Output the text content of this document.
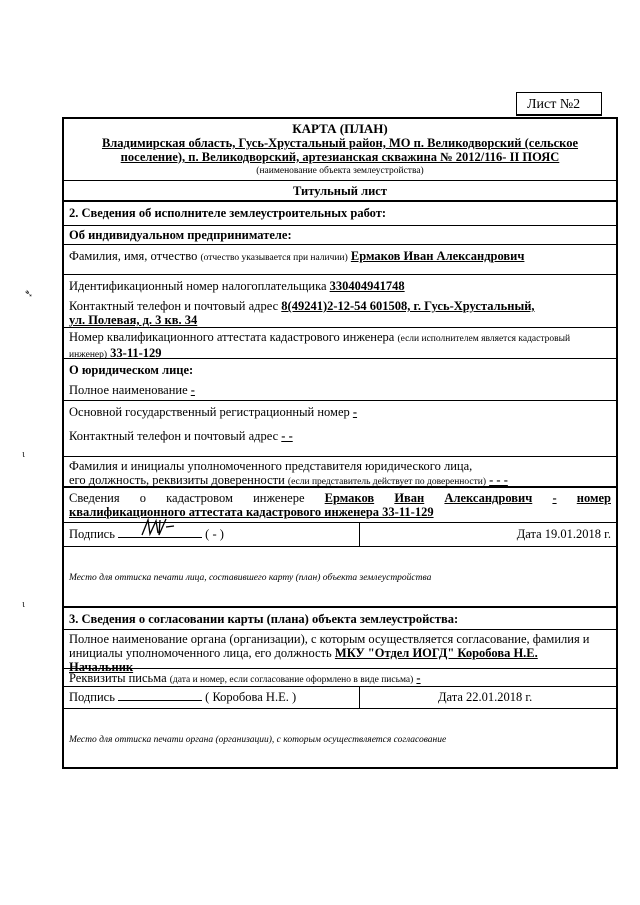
➴
ɩ
ɩ
Лист №2
КАРТА (ПЛАН)
Владимирская область, Гусь-Хрустальный район, МО п. Великодворский (сельское
поселение), п. Великодворский, артезианская скважина № 2012/116- II ПОЯС
(наименование объекта землеустройства)
Титульный лист
2. Сведения об исполнителе землеустроительных работ:
Об индивидуальном предпринимателе:
Фамилия, имя, отчество (отчество указывается при наличии) Ермаков Иван Александрович
Идентификационный номер налогоплательщика 330404941748
Контактный телефон и почтовый адрес 8(49241)2-12-54 601508, г. Гусь-Хрустальный,
ул. Полевая, д. 3 кв. 34
Номер квалификационного аттестата кадастрового инженера (если исполнителем является кадастровый
инженер) 33-11-129
О юридическом лице:
Полное наименование -
Основной государственный регистрационный номер -
Контактный телефон и почтовый адрес - -
Фамилия и инициалы уполномоченного представителя юридического лица,
его должность, реквизиты доверенности (если представитель действует по доверенности) - - -
Сведения о кадастровом инженере Ермаков Иван Александрович - номер
квалификационного аттестата кадастрового инженера 33-11-129
Подпись	( - )	Дата 19.01.2018 г.
Место для оттиска печати лица, составившего карту (план) объекта землеустройства
3. Сведения о согласовании карты (плана) объекта землеустройства:
Полное наименование органа (организации), с которым осуществляется согласование, фамилия и
инициалы уполномоченного лица, его должность МКУ "Отдел ИОГД" Коробова Н.Е.
Начальник
Реквизиты письма (дата и номер, если согласование оформлено в виде письма) -
Подпись	( Коробова Н.Е. )	Дата 22.01.2018 г.
Место для оттиска печати органа (организации), с которым осуществляется согласование
